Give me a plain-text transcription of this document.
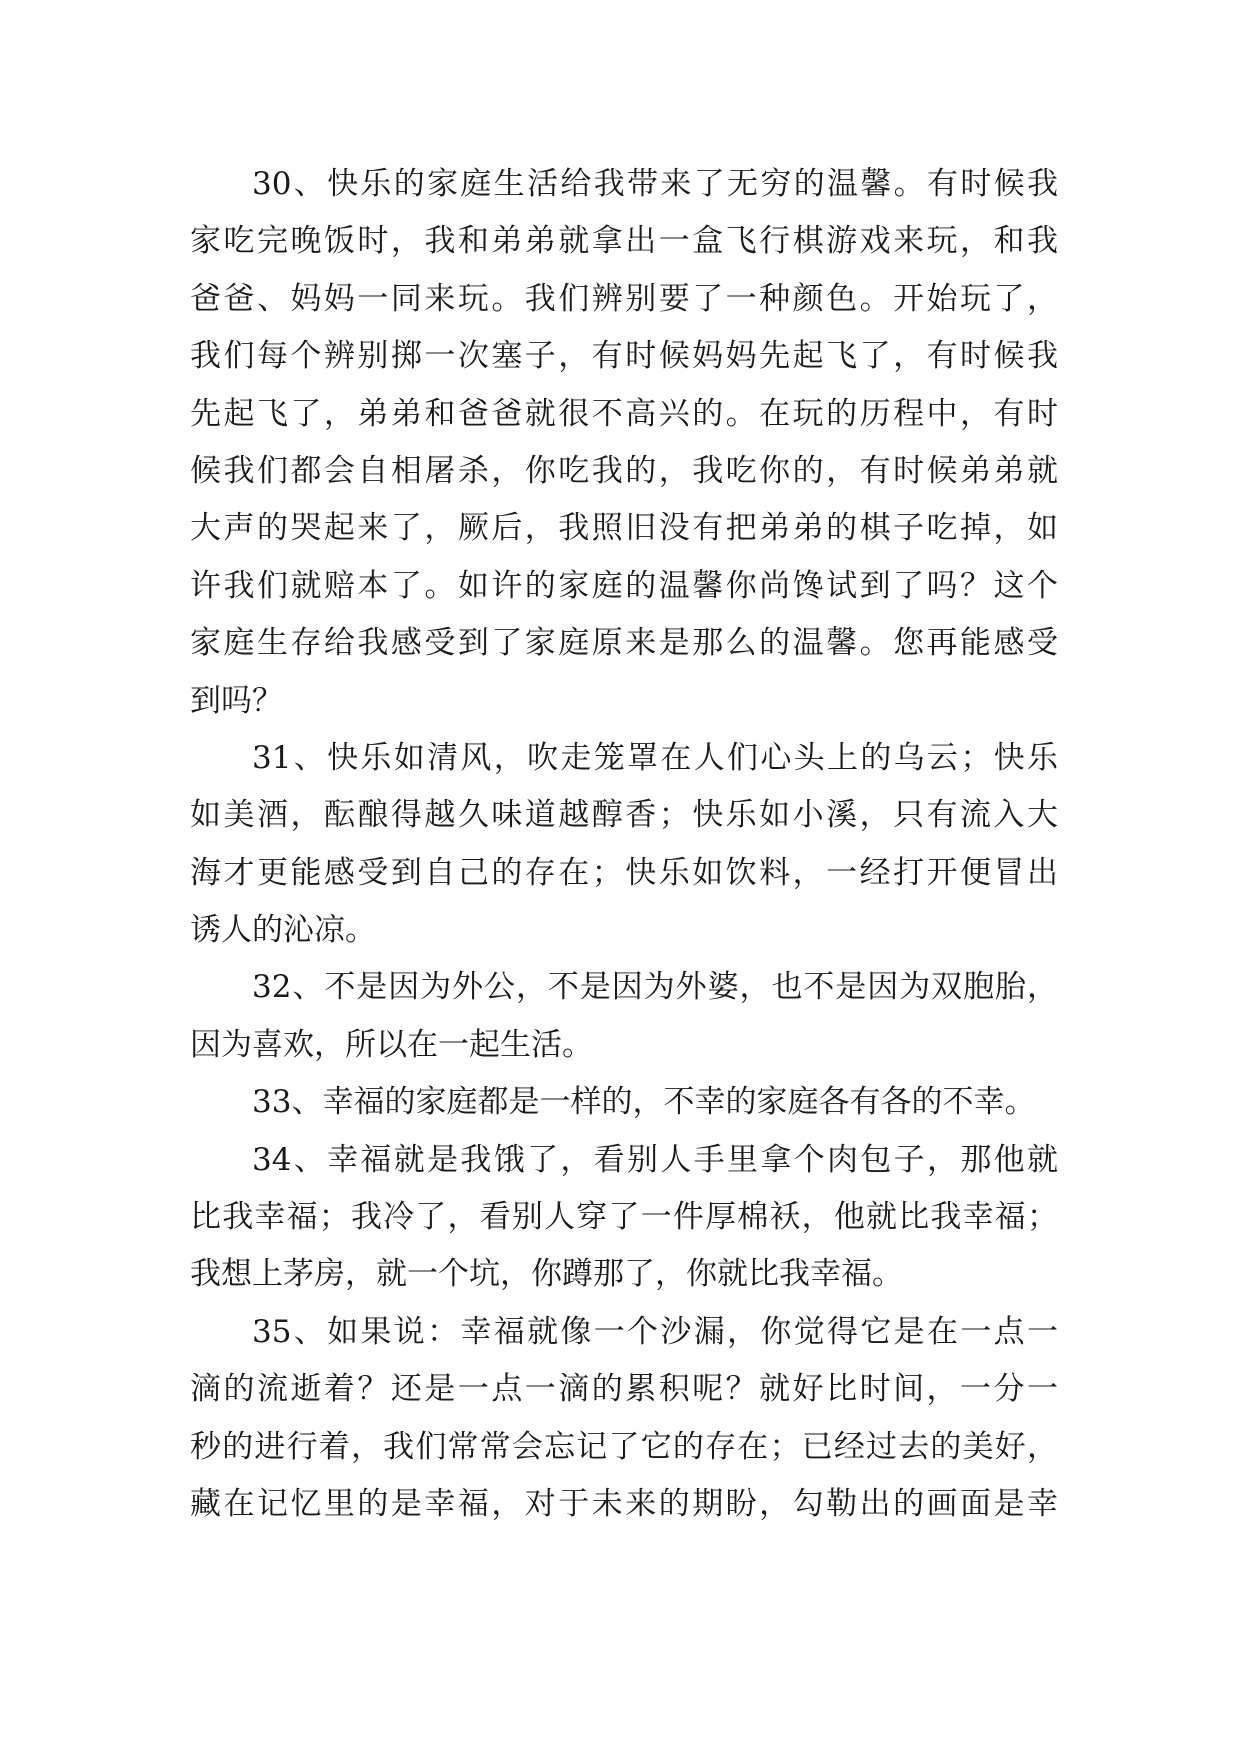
30、快乐的家庭生活给我带来了无穷的温馨。有时候我
家吃完晚饭时，我和弟弟就拿出一盒飞行棋游戏来玩，和我
爸爸、妈妈一同来玩。我们辨别要了一种颜色。开始玩了，
我们每个辨别掷一次塞子，有时候妈妈先起飞了，有时候我
先起飞了，弟弟和爸爸就很不高兴的。在玩的历程中，有时
候我们都会自相屠杀，你吃我的，我吃你的，有时候弟弟就
大声的哭起来了，厥后，我照旧没有把弟弟的棋子吃掉，如
许我们就赔本了。如许的家庭的温馨你尚馋试到了吗？这个
家庭生存给我感受到了家庭原来是那么的温馨。您再能感受
到吗？
31、快乐如清风，吹走笼罩在人们心头上的乌云；快乐
如美酒，酝酿得越久味道越醇香；快乐如小溪，只有流入大
海才更能感受到自己的存在；快乐如饮料，一经打开便冒出
诱人的沁凉。
32、不是因为外公，不是因为外婆，也不是因为双胞胎，
因为喜欢，所以在一起生活。
33、幸福的家庭都是一样的，不幸的家庭各有各的不幸。
34、幸福就是我饿了，看别人手里拿个肉包子，那他就
比我幸福；我冷了，看别人穿了一件厚棉袄，他就比我幸福；
我想上茅房，就一个坑，你蹲那了，你就比我幸福。
35、如果说：幸福就像一个沙漏，你觉得它是在一点一
滴的流逝着？还是一点一滴的累积呢？就好比时间，一分一
秒的进行着，我们常常会忘记了它的存在；已经过去的美好，
藏在记忆里的是幸福，对于未来的期盼，勾勒出的画面是幸
